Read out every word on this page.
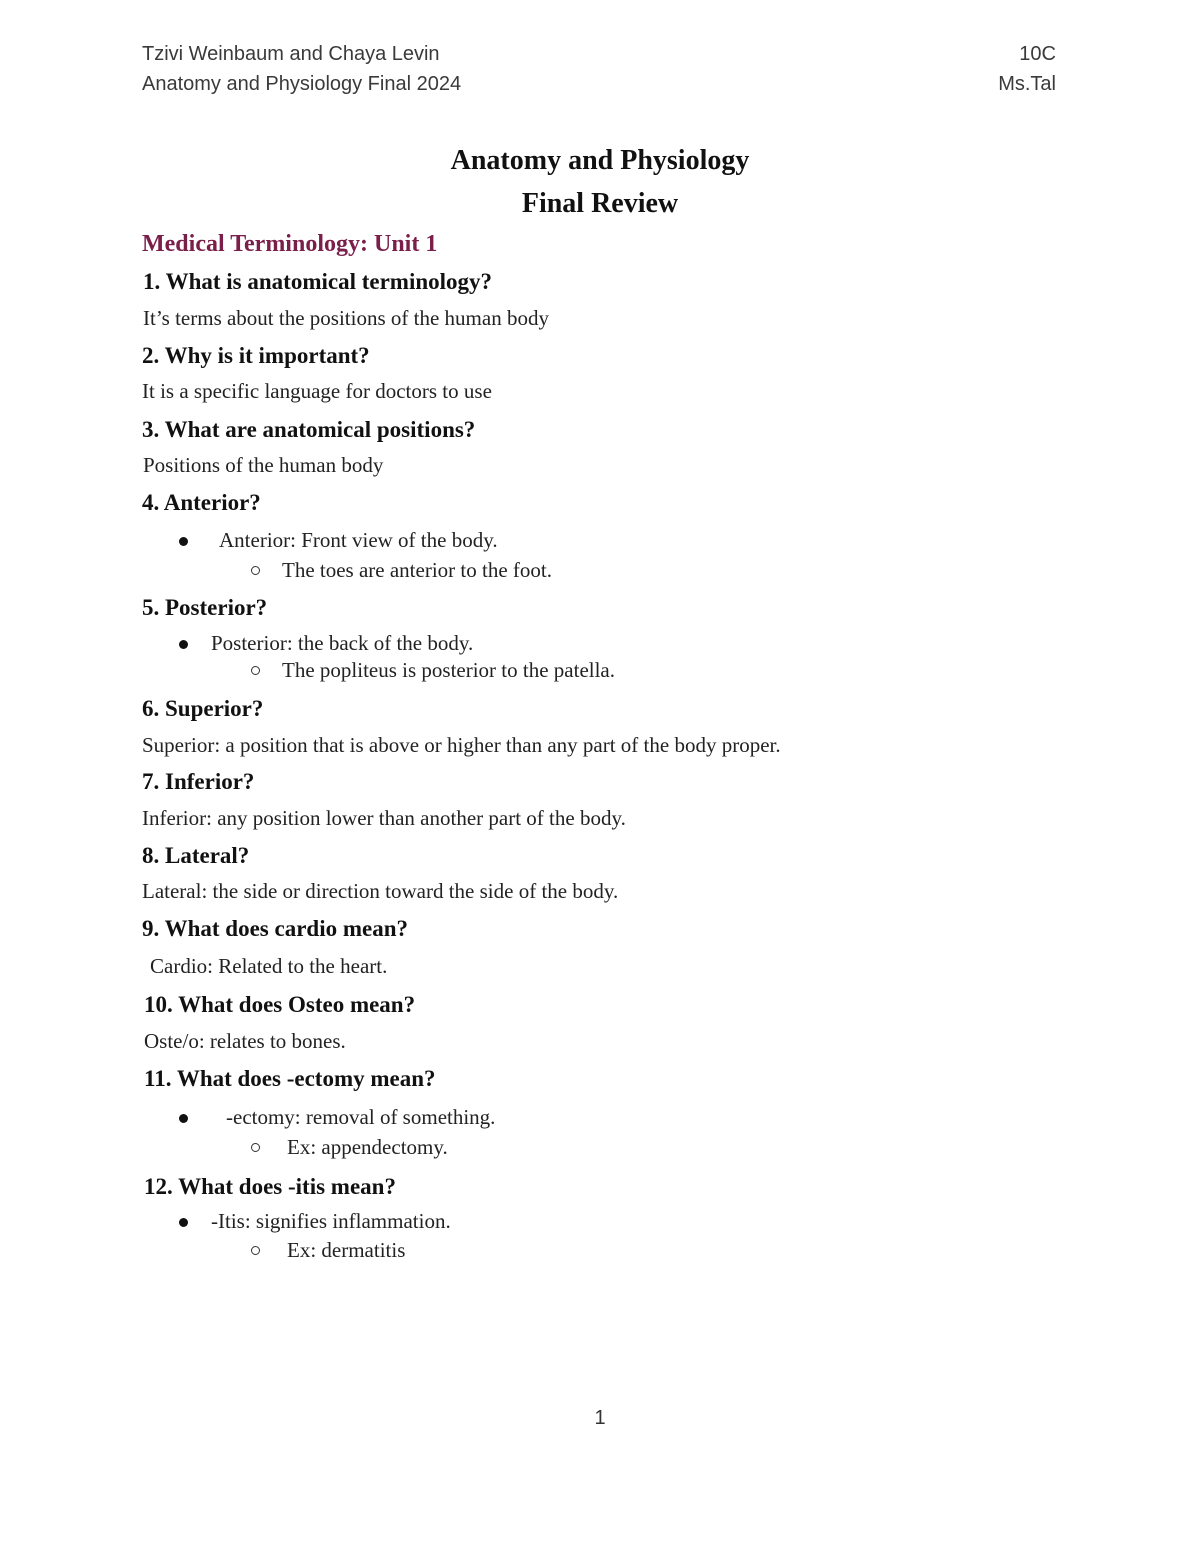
Tzivi Weinbaum and Chaya Levin
Anatomy and Physiology Final 2024
10C
Ms.Tal
Anatomy and Physiology
Final Review
Medical Terminology: Unit 1
1. What is anatomical terminology?
It’s terms about the positions of the human body
2. Why is it important?
It is a specific language for doctors to use
3. What are anatomical positions?
Positions of the human body
4. Anterior?
Anterior: Front view of the body.
The toes are anterior to the foot.
5. Posterior?
Posterior: the back of the body.
The popliteus is posterior to the patella.
6. Superior?
Superior: a position that is above or higher than any part of the body proper.
7. Inferior?
Inferior: any position lower than another part of the body.
8. Lateral?
Lateral: the side or direction toward the side of the body.
9. What does cardio mean?
Cardio: Related to the heart.
10. What does Osteo mean?
Oste/o: relates to bones.
11. What does -ectomy mean?
-ectomy: removal of something.
Ex: appendectomy.
12. What does -itis mean?
-Itis: signifies inflammation.
Ex: dermatitis
1
